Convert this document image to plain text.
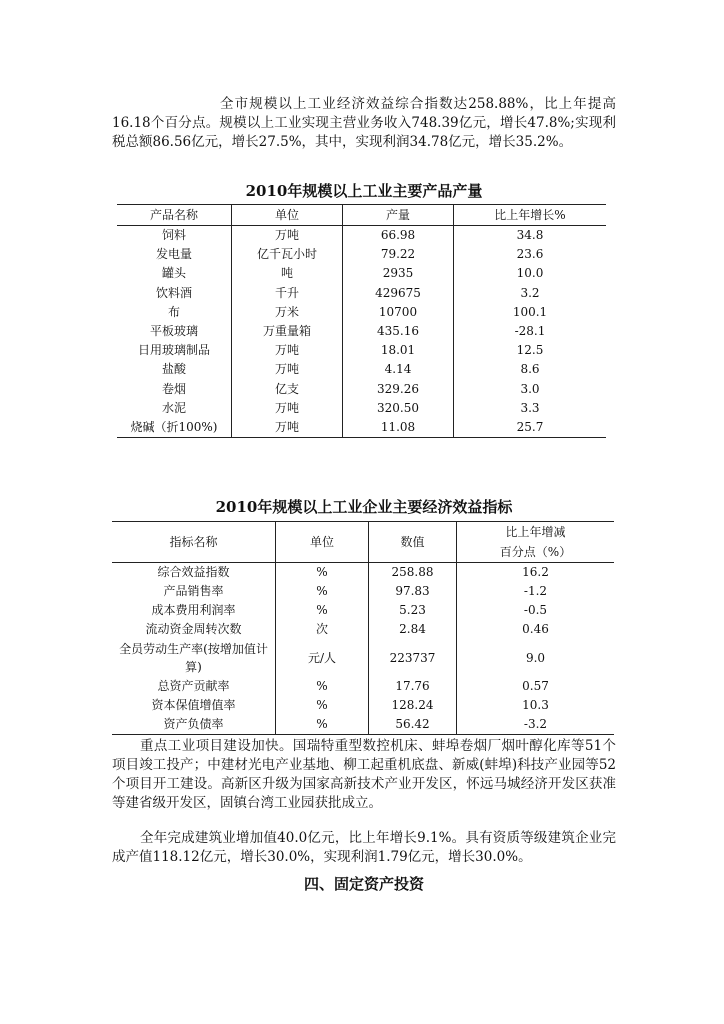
全市规模以上工业经济效益综合指数达258.88%，比上年提高16.18个百分点。规模以上工业实现主营业务收入748.39亿元，增长47.8%;实现利税总额86.56亿元，增长27.5%，其中，实现利润34.78亿元，增长35.2%。

2010年规模以上工业主要产品产量

产品名称	单位	产量	比上年增长%
饲料	万吨	66.98	34.8
发电量	亿千瓦小时	79.22	23.6
罐头	吨	2935	10.0
饮料酒	千升	429675	3.2
布	万米	10700	100.1
平板玻璃	万重量箱	435.16	-28.1
日用玻璃制品	万吨	18.01	12.5
盐酸	万吨	4.14	8.6
卷烟	亿支	329.26	3.0
水泥	万吨	320.50	3.3
烧碱（折100%)	万吨	11.08	25.7

2010年规模以上工业企业主要经济效益指标

指标名称	单位	数值	比上年增减
百分点（%）
综合效益指数	%	258.88	16.2
产品销售率	%	97.83	-1.2
成本费用利润率	%	5.23	-0.5
流动资金周转次数	次	2.84	0.46
全员劳动生产率(按增加值计算)	元/人	223737	9.0
总资产贡献率	%	17.76	0.57
资本保值增值率	%	128.24	10.3
资产负债率	%	56.42	-3.2

重点工业项目建设加快。国瑞特重型数控机床、蚌埠卷烟厂烟叶醇化库等51个项目竣工投产；中建材光电产业基地、柳工起重机底盘、新威(蚌埠)科技产业园等52个项目开工建设。高新区升级为国家高新技术产业开发区，怀远马城经济开发区获准等建省级开发区，固镇台湾工业园获批成立。

全年完成建筑业增加值40.0亿元，比上年增长9.1%。具有资质等级建筑企业完成产值118.12亿元，增长30.0%，实现利润1.79亿元，增长30.0%。

四、固定资产投资
